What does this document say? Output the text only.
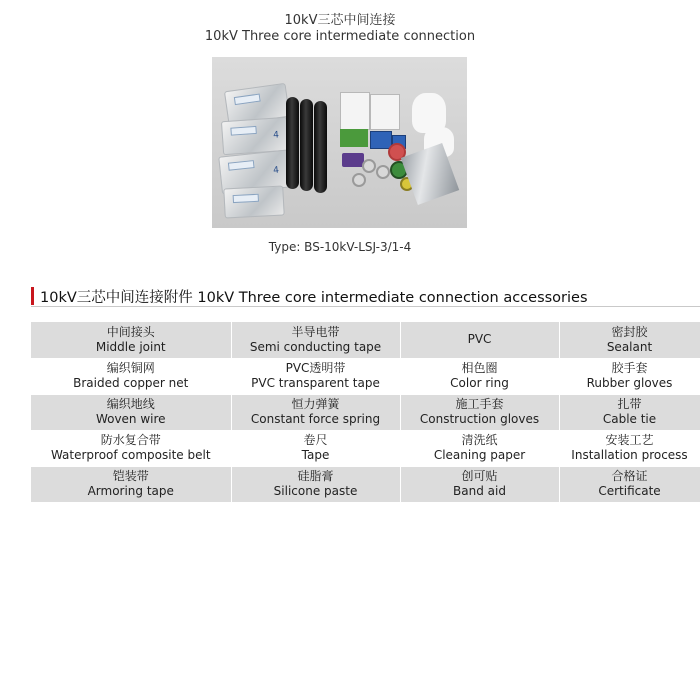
10kV三芯中间连接
10kV Three core intermediate connection
4
4
Type: BS-10kV-LSJ-3/1-4
10kV三芯中间连接附件 10kV Three core intermediate connection accessories
中间接头
Middle joint	半导电带
Semi conducting tape	PVC	密封胶
Sealant

编织铜网
Braided copper net	PVC透明带
PVC transparent tape	相色圈
Color ring	胶手套
Rubber gloves

编织地线
Woven wire	恒力弹簧
Constant force spring	施工手套
Construction gloves	扎带
Cable tie

防水复合带
Waterproof composite belt	卷尺
Tape	清洗纸
Cleaning paper	安装工艺
Installation process

铠装带
Armoring tape	硅脂膏
Silicone paste	创可贴
Band aid	合格证
Certificate
